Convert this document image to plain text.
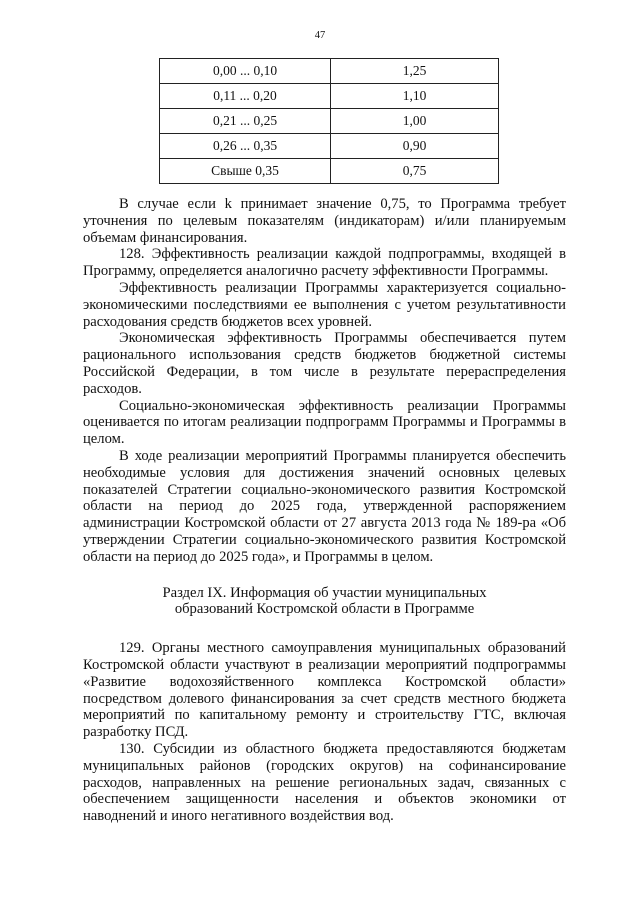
47
0,00 ... 0,10	1,25
0,11 ... 0,20	1,10
0,21 ... 0,25	1,00
0,26 ... 0,35	0,90
Свыше 0,35	0,75

В случае если k принимает значение 0,75, то Программа требует уточнения по целевым показателям (индикаторам) и/или планируемым объемам финансирования.

128. Эффективность реализации каждой подпрограммы, входящей в Программу, определяется аналогично расчету эффективности Программы.

Эффективность реализации Программы характеризуется социально-экономическими последствиями ее выполнения с учетом результативности расходования средств бюджетов всех уровней.

Экономическая эффективность Программы обеспечивается путем рационального использования средств бюджетов бюджетной системы Российской Федерации, в том числе в результате перераспределения расходов.

Социально-экономическая эффективность реализации Программы оценивается по итогам реализации подпрограмм Программы и Программы в целом.

В ходе реализации мероприятий Программы планируется обеспечить необходимые условия для достижения значений основных целевых показателей Стратегии социально-экономического развития Костромской области на период до 2025 года, утвержденной распоряжением администрации Костромской области от 27 августа 2013 года № 189-ра «Об утверждении Стратегии социально-экономического развития Костромской области на период до 2025 года», и Программы в целом.

Раздел IX. Информация об участии муниципальных
образований Костромской области в Программе

129. Органы местного самоуправления муниципальных образований Костромской области участвуют в реализации мероприятий подпрограммы «Развитие водохозяйственного комплекса Костромской области» посредством долевого финансирования за счет средств местного бюджета мероприятий по капитальному ремонту и строительству ГТС, включая разработку ПСД.

130. Субсидии из областного бюджета предоставляются бюджетам муниципальных районов (городских округов) на софинансирование расходов, направленных на решение региональных задач, связанных с обеспечением защищенности населения и объектов экономики от наводнений и иного негативного воздействия вод.
